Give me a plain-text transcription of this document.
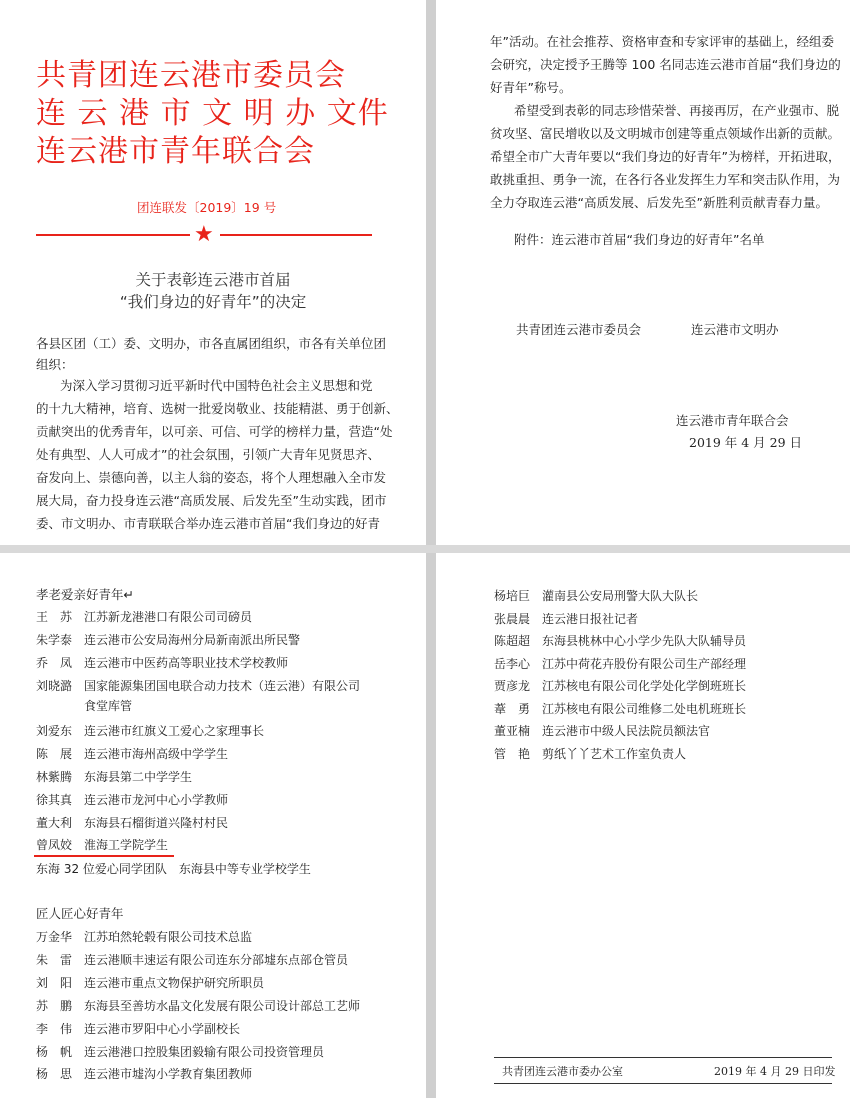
共青团连云港市委员会
连 云 港 市 文 明 办 文件
连云港市青年联合会
团连联发〔2019〕19 号
★
关于表彰连云港市首届
“我们身边的好青年”的决定
各县区团（工）委、文明办，市各直属团组织，市各有关单位团
组织：
为深入学习贯彻习近平新时代中国特色社会主义思想和党
的十九大精神，培育、选树一批爱岗敬业、技能精湛、勇于创新、
贡献突出的优秀青年，以可亲、可信、可学的榜样力量，营造“处
处有典型、人人可成才”的社会氛围，引领广大青年见贤思齐、
奋发向上、崇德向善，以主人翁的姿态，将个人理想融入全市发
展大局，奋力投身连云港“高质发展、后发先至”生动实践，团市
委、市文明办、市青联联合举办连云港市首届“我们身边的好青
年”活动。在社会推荐、资格审查和专家评审的基础上，经组委
会研究，决定授予王腾等 100 名同志连云港市首届“我们身边的
好青年”称号。
希望受到表彰的同志珍惜荣誉、再接再厉，在产业强市、脱
贫攻坚、富民增收以及文明城市创建等重点领域作出新的贡献。
希望全市广大青年要以“我们身边的好青年”为榜样，开拓进取，
敢挑重担、勇争一流，在各行各业发挥生力军和突击队作用，为
全力夺取连云港“高质发展、后发先至”新胜利贡献青春力量。
附件：连云港市首届“我们身边的好青年”名单
共青团连云港市委员会	连云港市文明办
连云港市青年联合会
2019 年 4 月 29 日
孝老爱亲好青年↵
王　苏 江苏新龙港港口有限公司司磅员
朱学泰 连云港市公安局海州分局新南派出所民警
乔　凤 连云港市中医药高等职业技术学校教师
刘晓潞 国家能源集团国电联合动力技术（连云港）有限公司
食堂库管
刘爱东 连云港市红旗义工爱心之家理事长
陈　展 连云港市海州高级中学学生
林紫腾 东海县第二中学学生
徐其真 连云港市龙河中心小学教师
董大利 东海县石榴街道兴隆村村民
曾凤姣 淮海工学院学生
东海 32 位爱心同学团队　东海县中等专业学校学生
匠人匠心好青年
万金华 江苏珀然轮毂有限公司技术总监
朱　雷 连云港顺丰速运有限公司连东分部墟东点部仓管员
刘　阳 连云港市重点文物保护研究所职员
苏　鹏 东海县至善坊水晶文化发展有限公司设计部总工艺师
李　伟 连云港市罗阳中心小学副校长
杨　帆 连云港港口控股集团毅输有限公司投资管理员
杨　思 连云港市墟沟小学教育集团教师
杨培巨 灌南县公安局刑警大队大队长
张晨晨 连云港日报社记者
陈超超 东海县桃林中心小学少先队大队辅导员
岳李心 江苏中荷花卉股份有限公司生产部经理
贾彦龙 江苏核电有限公司化学处化学倒班班长
葦　勇 江苏核电有限公司维修二处电机班班长
董亚楠 连云港市中级人民法院员额法官
管　艳 剪纸丫丫艺术工作室负责人
共青团连云港市委办公室	2019 年 4 月 29 日印发
